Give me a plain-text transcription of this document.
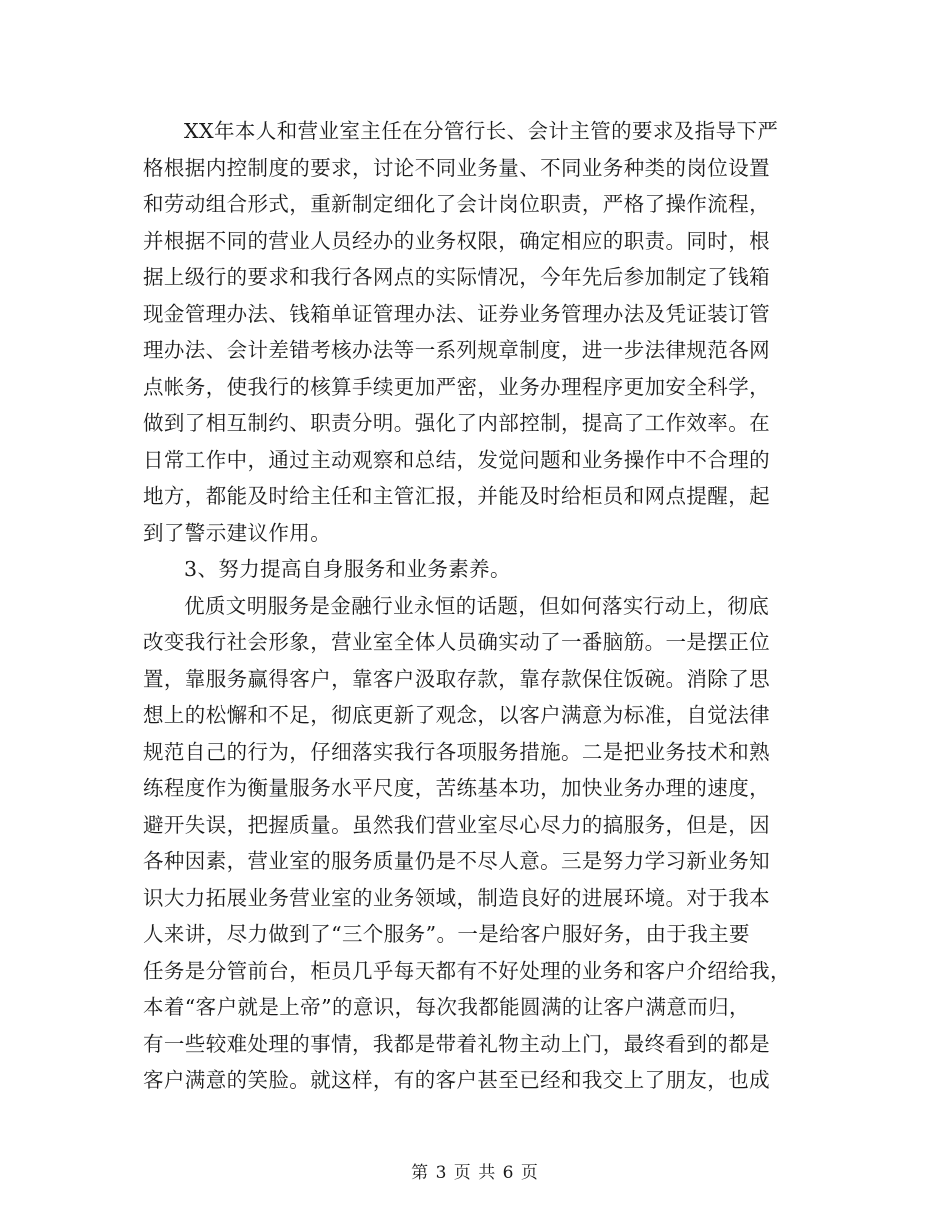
XX年本人和营业室主任在分管行长、会计主管的要求及指导下严
格根据内控制度的要求，讨论不同业务量、不同业务种类的岗位设置
和劳动组合形式，重新制定细化了会计岗位职责，严格了操作流程，
并根据不同的营业人员经办的业务权限，确定相应的职责。同时，根
据上级行的要求和我行各网点的实际情况，今年先后参加制定了钱箱
现金管理办法、钱箱单证管理办法、证券业务管理办法及凭证装订管
理办法、会计差错考核办法等一系列规章制度，进一步法律规范各网
点帐务，使我行的核算手续更加严密，业务办理程序更加安全科学，
做到了相互制约、职责分明。强化了内部控制，提高了工作效率。在
日常工作中，通过主动观察和总结，发觉问题和业务操作中不合理的
地方，都能及时给主任和主管汇报，并能及时给柜员和网点提醒，起
到了警示建议作用。
3、努力提高自身服务和业务素养。
优质文明服务是金融行业永恒的话题，但如何落实行动上，彻底
改变我行社会形象，营业室全体人员确实动了一番脑筋。一是摆正位
置，靠服务赢得客户，靠客户汲取存款，靠存款保住饭碗。消除了思
想上的松懈和不足，彻底更新了观念，以客户满意为标准，自觉法律
规范自己的行为，仔细落实我行各项服务措施。二是把业务技术和熟
练程度作为衡量服务水平尺度，苦练基本功，加快业务办理的速度，
避开失误，把握质量。虽然我们营业室尽心尽力的搞服务，但是，因
各种因素，营业室的服务质量仍是不尽人意。三是努力学习新业务知
识大力拓展业务营业室的业务领域，制造良好的进展环境。对于我本
人来讲，尽力做到了“三个服务”。一是给客户服好务，由于我主要
任务是分管前台，柜员几乎每天都有不好处理的业务和客户介绍给我，
本着“客户就是上帝”的意识，每次我都能圆满的让客户满意而归，
有一些较难处理的事情，我都是带着礼物主动上门，最终看到的都是
客户满意的笑脸。就这样，有的客户甚至已经和我交上了朋友，也成
第 3 页 共 6 页
